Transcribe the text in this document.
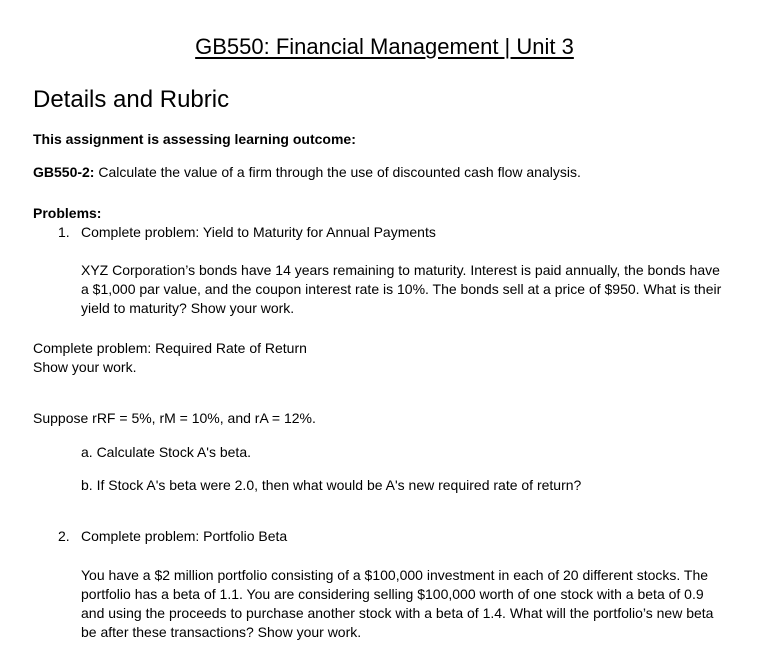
GB550: Financial Management | Unit 3
Details and Rubric
This assignment is assessing learning outcome:
GB550-2: Calculate the value of a firm through the use of discounted cash flow analysis.
Problems:
1. Complete problem: Yield to Maturity for Annual Payments
XYZ Corporation’s bonds have 14 years remaining to maturity. Interest is paid annually, the bonds have
a $1,000 par value, and the coupon interest rate is 10%. The bonds sell at a price of $950. What is their
yield to maturity? Show your work.
Complete problem: Required Rate of Return
Show your work.
Suppose rRF = 5%, rM = 10%, and rA = 12%.
a. Calculate Stock A's beta.
b. If Stock A's beta were 2.0, then what would be A's new required rate of return?
2. Complete problem: Portfolio Beta
You have a $2 million portfolio consisting of a $100,000 investment in each of 20 different stocks. The
portfolio has a beta of 1.1. You are considering selling $100,000 worth of one stock with a beta of 0.9
and using the proceeds to purchase another stock with a beta of 1.4. What will the portfolio’s new beta
be after these transactions? Show your work.
